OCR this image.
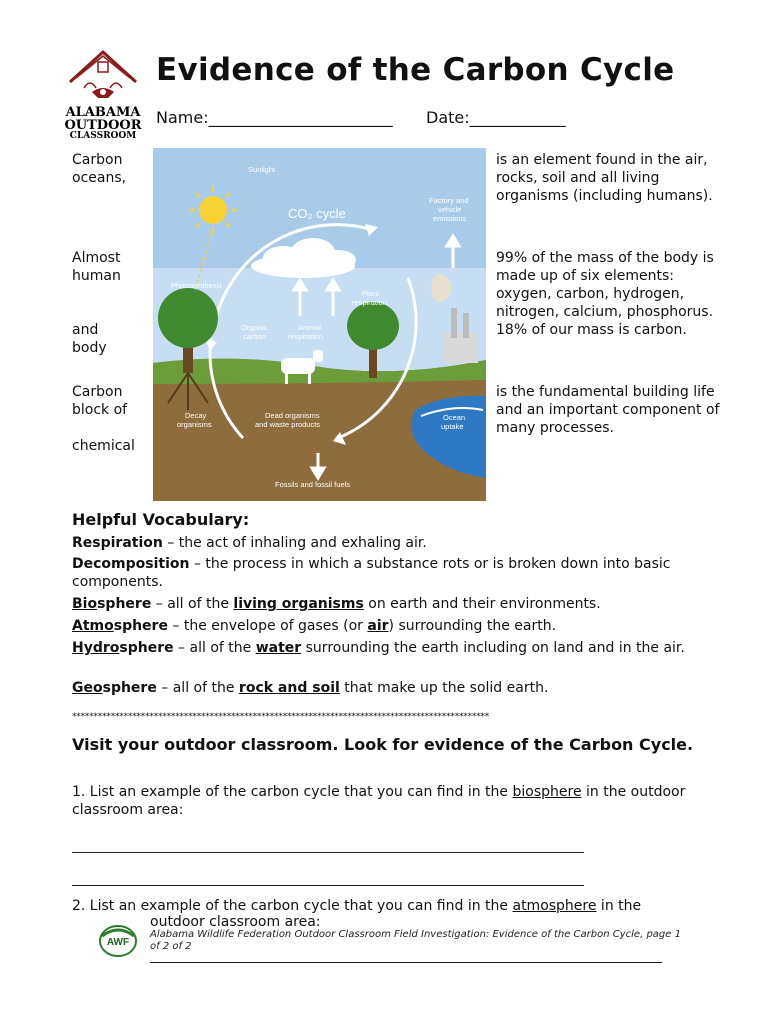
ALABAMA
OUTDOOR
CLASSROOM
Evidence of the Carbon Cycle
Name:_______________________ Date:____________
Carbon
oceans,
is an element found in the air, rocks, soil and all living organisms (including humans).
Almost
human

and
body
99% of the mass of the body is made up of six elements: oxygen, carbon, hydrogen, nitrogen, calcium, phosphorus. 18% of our mass is carbon.
Carbon
block of

chemical
is the fundamental building life and an important component of many processes.
Sunlight
CO₂ cycle
Factory and vehicle emissions
Photosynthesis
Plant respiration
Organic carbon
Animal respiration
Decay organisms
Dead organisms and waste products
Ocean uptake
Fossils and fossil fuels
Helpful Vocabulary:
Respiration – the act of inhaling and exhaling air.
Decomposition – the process in which a substance rots or is broken down into basic components.
Biosphere – all of the living organisms on earth and their environments.
Atmosphere – the envelope of gases (or air) surrounding the earth.
Hydrosphere – all of the water surrounding the earth including on land and in the air.
Geosphere – all of the rock and soil that make up the solid earth.
*************************************************************************************************
Visit your outdoor classroom. Look for evidence of the Carbon Cycle.
1. List an example of the carbon cycle that you can find in the biosphere in the outdoor classroom area:
2. List an example of the carbon cycle that you can find in the atmosphere in the
outdoor classroom area:
AWF
Alabama Wildlife Federation Outdoor Classroom Field Investigation: Evidence of the Carbon Cycle, page 1 of 2 of 2
